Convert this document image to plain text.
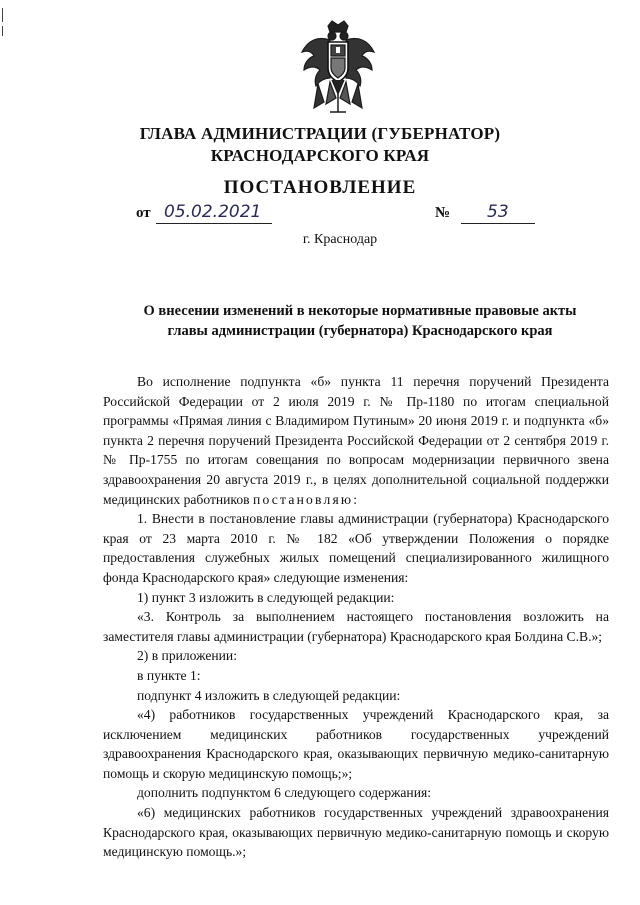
ГЛАВА АДМИНИСТРАЦИИ (ГУБЕРНАТОР)
КРАСНОДАРСКОГО КРАЯ
ПОСТАНОВЛЕНИЕ
от 05.02.2021	№	53
г. Краснодар
О внесении изменений в некоторые нормативные правовые акты
главы администрации (губернатора) Краснодарского края

Во исполнение подпункта «б» пункта 11 перечня поручений Президента Российской Федерации от 2 июля 2019 г. № Пр-1180 по итогам специальной программы «Прямая линия с Владимиром Путиным» 20 июня 2019 г. и подпункта «б» пункта 2 перечня поручений Президента Российской Федерации от 2 сентября 2019 г. № Пр-1755 по итогам совещания по вопросам модернизации первичного звена здравоохранения 20 августа 2019 г., в целях дополнительной социальной поддержки медицинских работников постановляю:

1. Внести в постановление главы администрации (губернатора) Краснодарского края от 23 марта 2010 г. № 182 «Об утверждении Положения о порядке предоставления служебных жилых помещений специализированного жилищного фонда Краснодарского края» следующие изменения:

1) пункт 3 изложить в следующей редакции:

«3. Контроль за выполнением настоящего постановления возложить на заместителя главы администрации (губернатора) Краснодарского края Болдина С.В.»;

2) в приложении:

в пункте 1:

подпункт 4 изложить в следующей редакции:

«4) работников государственных учреждений Краснодарского края, за исключением медицинских работников государственных учреждений здравоохранения Краснодарского края, оказывающих первичную медико-санитарную помощь и скорую медицинскую помощь;»;

дополнить подпунктом 6 следующего содержания:

«6) медицинских работников государственных учреждений здравоохранения Краснодарского края, оказывающих первичную медико-санитарную помощь и скорую медицинскую помощь.»;
